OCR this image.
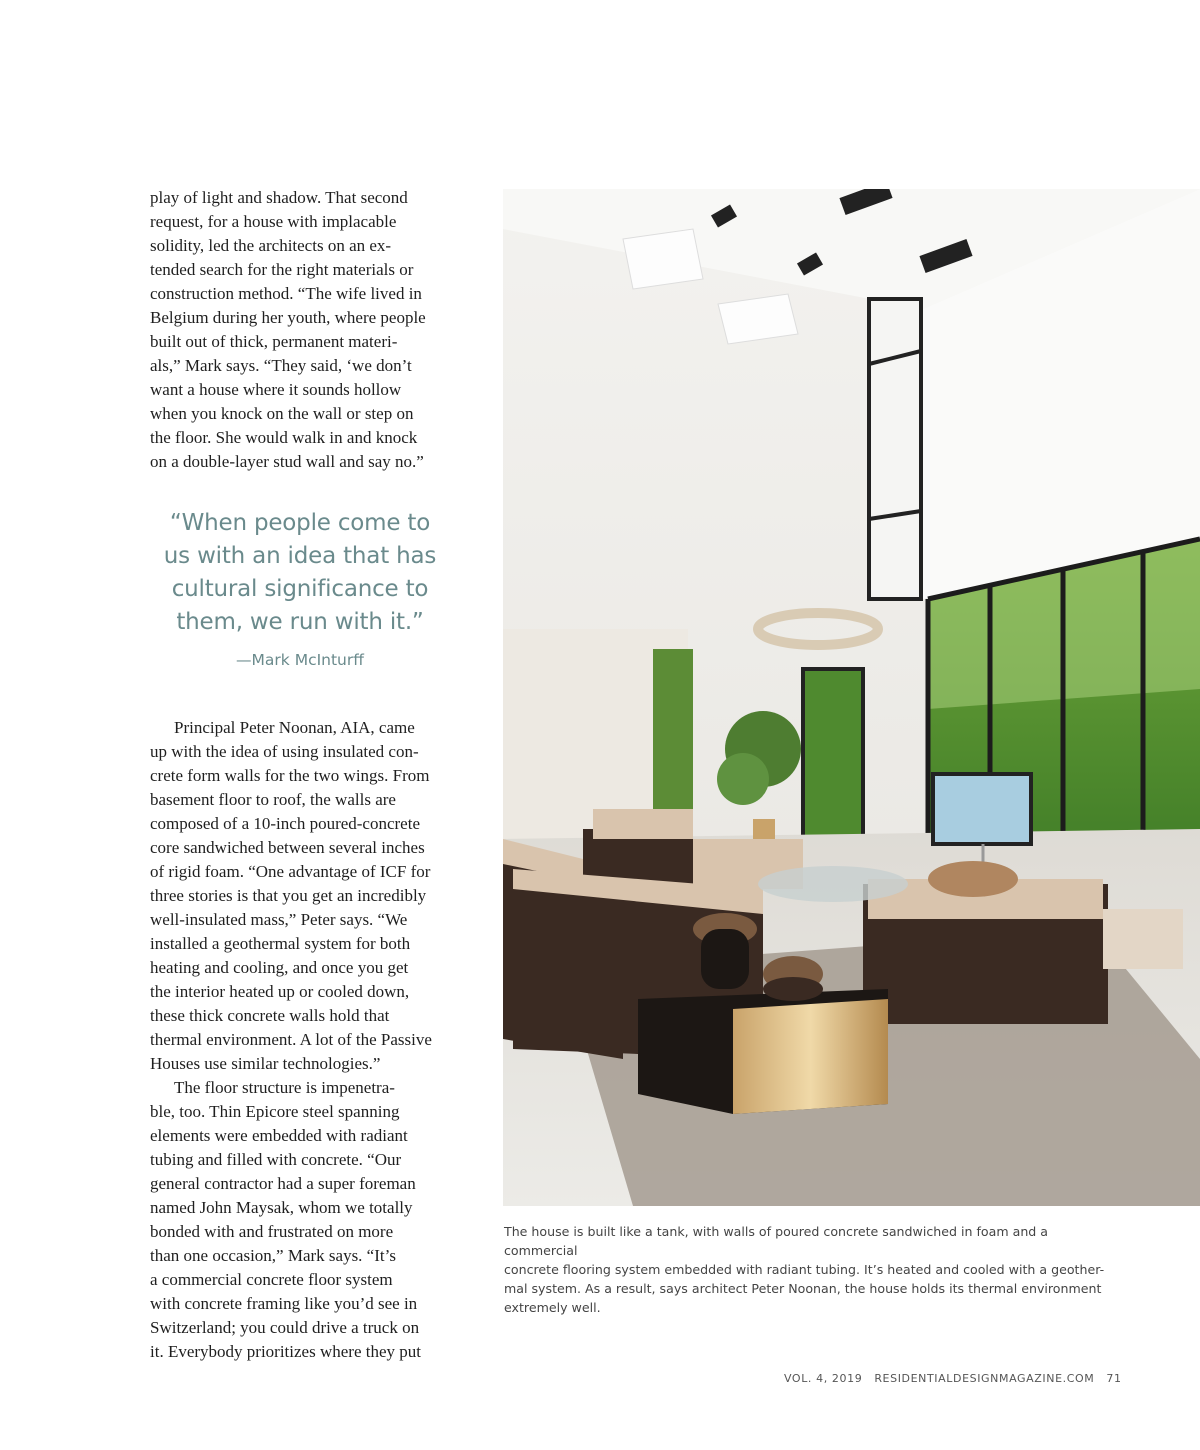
play of light and shadow. That second
request, for a house with implacable
solidity, led the architects on an ex-
tended search for the right materials or
construction method. “The wife lived in
Belgium during her youth, where people
built out of thick, permanent materi-
als,” Mark says. “They said, ‘we don’t
want a house where it sounds hollow
when you knock on the wall or step on
the floor. She would walk in and knock
on a double-layer stud wall and say no.”

“When people come to
us with an idea that has
cultural significance to
them, we run with it.”
—Mark McInturff

Principal Peter Noonan, AIA, came
up with the idea of using insulated con-
crete form walls for the two wings. From
basement floor to roof, the walls are
composed of a 10-inch poured-concrete
core sandwiched between several inches
of rigid foam. “One advantage of ICF for
three stories is that you get an incredibly
well-insulated mass,” Peter says. “We
installed a geothermal system for both
heating and cooling, and once you get
the interior heated up or cooled down,
these thick concrete walls hold that
thermal environment. A lot of the Passive
Houses use similar technologies.”

The floor structure is impenetra-
ble, too. Thin Epicore steel spanning
elements were embedded with radiant
tubing and filled with concrete. “Our
general contractor had a super foreman
named John Maysak, whom we totally
bonded with and frustrated on more
than one occasion,” Mark says. “It’s
a commercial concrete floor system
with concrete framing like you’d see in
Switzerland; you could drive a truck on
it. Everybody prioritizes where they put

The house is built like a tank, with walls of poured concrete sandwiched in foam and a commercial
concrete flooring system embedded with radiant tubing. It’s heated and cooled with a geother-
mal system. As a result, says architect Peter Noonan, the house holds its thermal environment
extremely well.
VOL. 4, 2019 RESIDENTIALDESIGNMAGAZINE.COM 71
